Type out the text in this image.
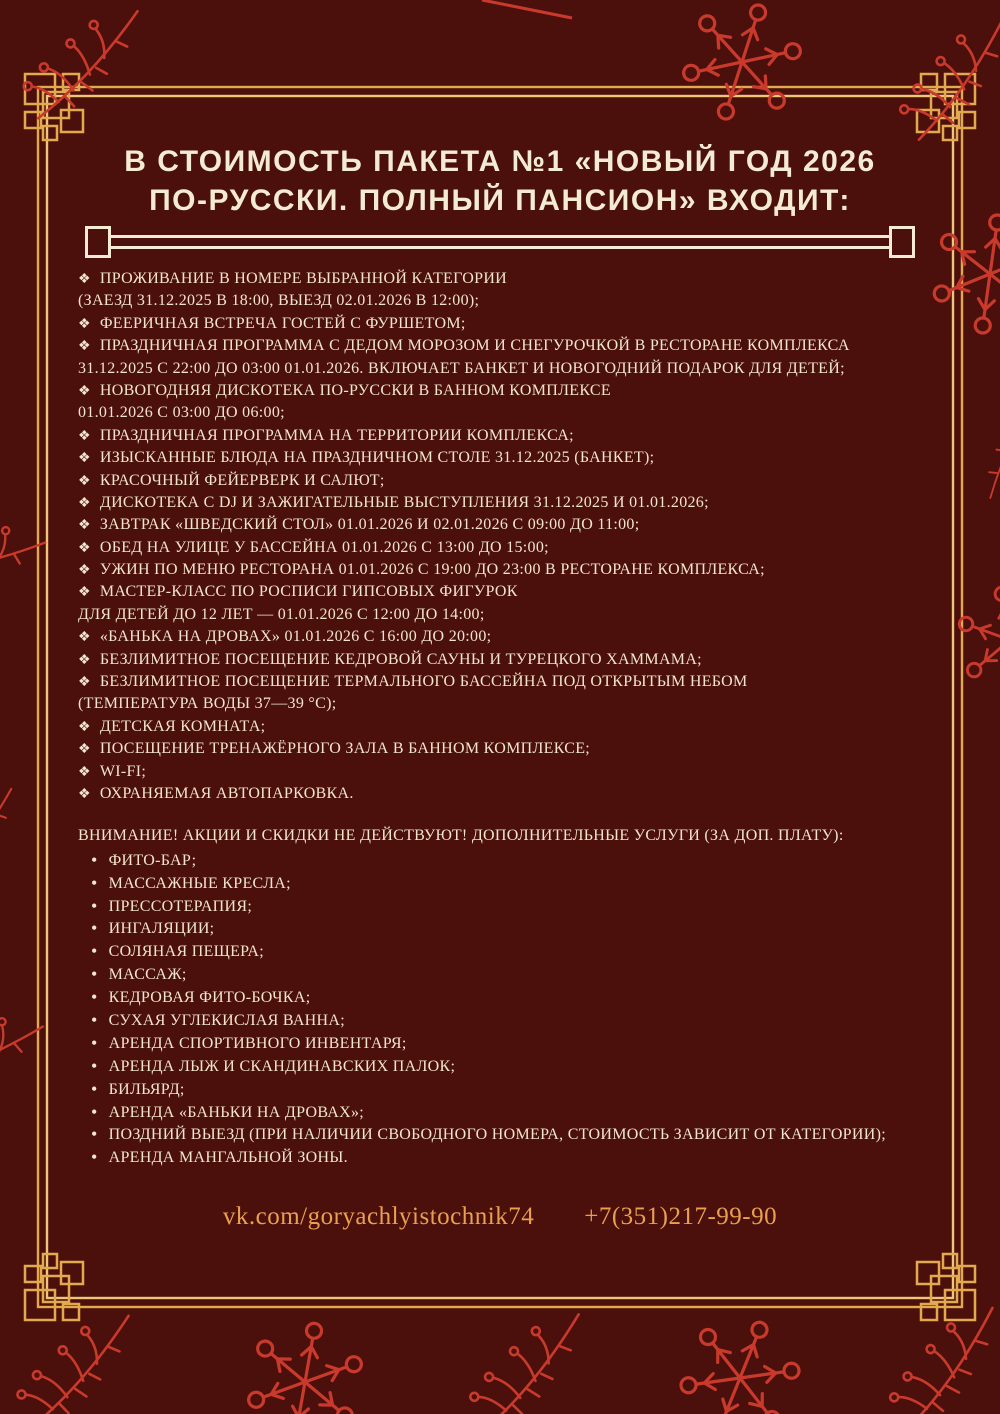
В СТОИМОСТЬ ПАКЕТА №1 «НОВЫЙ ГОД 2026
ПО-РУССКИ. ПОЛНЫЙ ПАНСИОН» ВХОДИТ:
❖ ПРОЖИВАНИЕ В НОМЕРЕ ВЫБРАННОЙ КАТЕГОРИИ
(ЗАЕЗД 31.12.2025 В 18:00, ВЫЕЗД 02.01.2026 В 12:00);
❖ ФЕЕРИЧНАЯ ВСТРЕЧА ГОСТЕЙ С ФУРШЕТОМ;
❖ ПРАЗДНИЧНАЯ ПРОГРАММА С ДЕДОМ МОРОЗОМ И СНЕГУРОЧКОЙ В РЕСТОРАНЕ КОМПЛЕКСА
31.12.2025 С 22:00 ДО 03:00 01.01.2026. ВКЛЮЧАЕТ БАНКЕТ И НОВОГОДНИЙ ПОДАРОК ДЛЯ ДЕТЕЙ;
❖ НОВОГОДНЯЯ ДИСКОТЕКА ПО-РУССКИ В БАННОМ КОМПЛЕКСЕ
01.01.2026 С 03:00 ДО 06:00;
❖ ПРАЗДНИЧНАЯ ПРОГРАММА НА ТЕРРИТОРИИ КОМПЛЕКСА;
❖ ИЗЫСКАННЫЕ БЛЮДА НА ПРАЗДНИЧНОМ СТОЛЕ 31.12.2025 (БАНКЕТ);
❖ КРАСОЧНЫЙ ФЕЙЕРВЕРК И САЛЮТ;
❖ ДИСКОТЕКА С DJ И ЗАЖИГАТЕЛЬНЫЕ ВЫСТУПЛЕНИЯ 31.12.2025 И 01.01.2026;
❖ ЗАВТРАК «ШВЕДСКИЙ СТОЛ» 01.01.2026 И 02.01.2026 С 09:00 ДО 11:00;
❖ ОБЕД НА УЛИЦЕ У БАССЕЙНА 01.01.2026 С 13:00 ДО 15:00;
❖ УЖИН ПО МЕНЮ РЕСТОРАНА 01.01.2026 С 19:00 ДО 23:00 В РЕСТОРАНЕ КОМПЛЕКСА;
❖ МАСТЕР-КЛАСС ПО РОСПИСИ ГИПСОВЫХ ФИГУРОК
ДЛЯ ДЕТЕЙ ДО 12 ЛЕТ — 01.01.2026 С 12:00 ДО 14:00;
❖ «БАНЬКА НА ДРОВАХ» 01.01.2026 С 16:00 ДО 20:00;
❖ БЕЗЛИМИТНОЕ ПОСЕЩЕНИЕ КЕДРОВОЙ САУНЫ И ТУРЕЦКОГО ХАММАМА;
❖ БЕЗЛИМИТНОЕ ПОСЕЩЕНИЕ ТЕРМАЛЬНОГО БАССЕЙНА ПОД ОТКРЫТЫМ НЕБОМ
(ТЕМПЕРАТУРА ВОДЫ 37—39 °С);
❖ ДЕТСКАЯ КОМНАТА;
❖ ПОСЕЩЕНИЕ ТРЕНАЖЁРНОГО ЗАЛА В БАННОМ КОМПЛЕКСЕ;
❖ WI-FI;
❖ ОХРАНЯЕМАЯ АВТОПАРКОВКА.
ВНИМАНИЕ! АКЦИИ И СКИДКИ НЕ ДЕЙСТВУЮТ! ДОПОЛНИТЕЛЬНЫЕ УСЛУГИ (ЗА ДОП. ПЛАТУ):
• ФИТО-БАР;
• МАССАЖНЫЕ КРЕСЛА;
• ПРЕССОТЕРАПИЯ;
• ИНГАЛЯЦИИ;
• СОЛЯНАЯ ПЕЩЕРА;
• МАССАЖ;
• КЕДРОВАЯ ФИТО-БОЧКА;
• СУХАЯ УГЛЕКИСЛАЯ ВАННА;
• АРЕНДА СПОРТИВНОГО ИНВЕНТАРЯ;
• АРЕНДА ЛЫЖ И СКАНДИНАВСКИХ ПАЛОК;
• БИЛЬЯРД;
• АРЕНДА «БАНЬКИ НА ДРОВАХ»;
• ПОЗДНИЙ ВЫЕЗД (ПРИ НАЛИЧИИ СВОБОДНОГО НОМЕРА, СТОИМОСТЬ ЗАВИСИТ ОТ КАТЕГОРИИ);
• АРЕНДА МАНГАЛЬНОЙ ЗОНЫ.
vk.com/goryachlyistochnik74 +7(351)217-99-90
